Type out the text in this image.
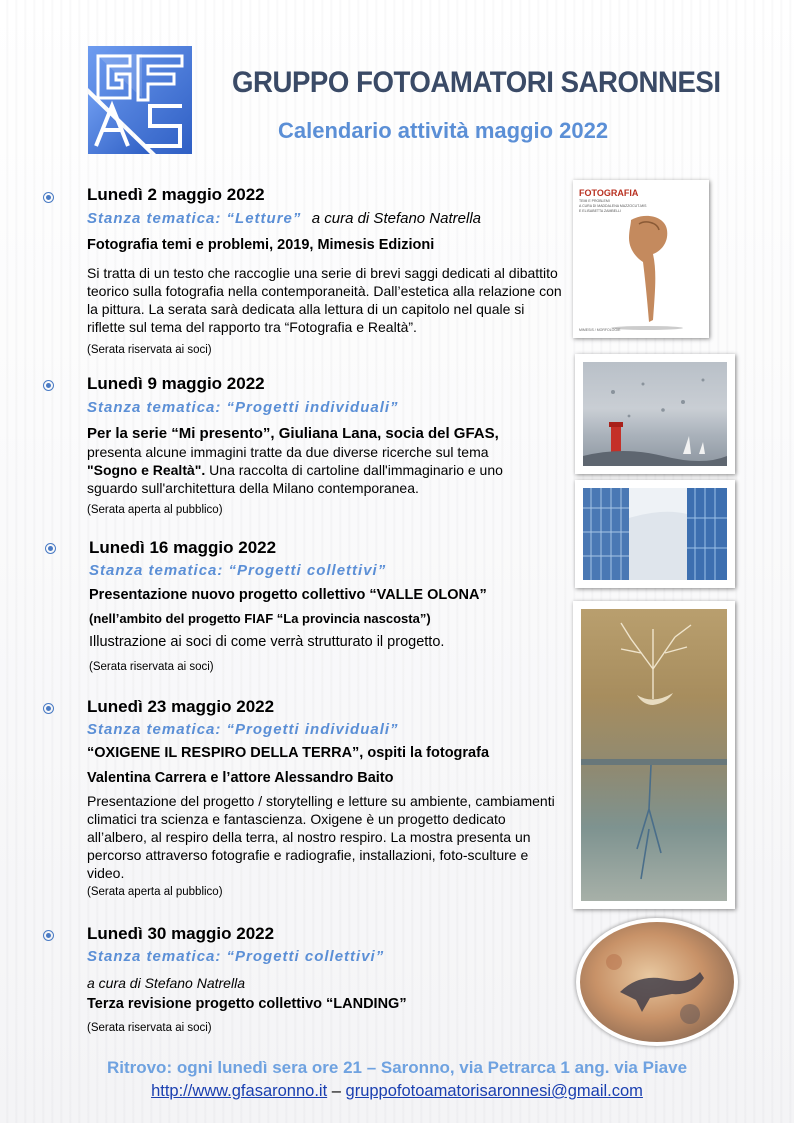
GRUPPO FOTOAMATORI SARONNESI
Calendario attività maggio 2022
Lunedì 2 maggio 2022
Stanza tematica: “Letture” a cura di Stefano Natrella
Fotografia temi e problemi, 2019, Mimesis Edizioni
Si tratta di un testo che raccoglie una serie di brevi saggi dedicati al dibattito teorico sulla fotografia nella contemporaneità. Dall’estetica alla relazione con la pittura. La serata sarà dedicata alla lettura di un capitolo nel quale si riflette sul tema del rapporto tra “Fotografia e Realtà”.
(Serata riservata ai soci)
Lunedì 9 maggio 2022
Stanza tematica: “Progetti individuali”
Per la serie “Mi presento”, Giuliana Lana, socia del GFAS,
presenta alcune immagini tratte da due diverse ricerche sul tema "Sogno e Realtà". Una raccolta di cartoline dall'immaginario e uno sguardo sull'architettura della Milano contemporanea.
(Serata aperta al pubblico)
Lunedì 16 maggio 2022
Stanza tematica: “Progetti collettivi”
Presentazione nuovo progetto collettivo “VALLE OLONA”
(nell’ambito del progetto FIAF “La provincia nascosta”)
Illustrazione ai soci di come verrà strutturato il progetto.
(Serata riservata ai soci)
Lunedì 23 maggio 2022
Stanza tematica: “Progetti individuali”
“OXIGENE IL RESPIRO DELLA TERRA”, ospiti la fotografa
Valentina Carrera e l’attore Alessandro Baito
Presentazione del progetto / storytelling e letture su ambiente, cambiamenti climatici tra scienza e fantascienza. Oxigene è un progetto dedicato all’albero, al respiro della terra, al nostro respiro. La mostra presenta un percorso attraverso fotografie e radiografie, installazioni, foto-sculture e video.
(Serata aperta al pubblico)
Lunedì 30 maggio 2022
Stanza tematica: “Progetti collettivi”
a cura di Stefano Natrella
Terza revisione progetto collettivo “LANDING”
(Serata riservata ai soci)
FOTOGRAFIA
TEMI E PROBLEMI
A CURA DI MADDALENA MAZZOCUT-MIS
E ELISABETTA ZAMBELLI
MIMESIS / MORFOLOGIE
Ritrovo: ogni lunedì sera ore 21 – Saronno, via Petrarca 1 ang. via Piave
http://www.gfasaronno.it – gruppofotoamatorisaronnesi@gmail.com
